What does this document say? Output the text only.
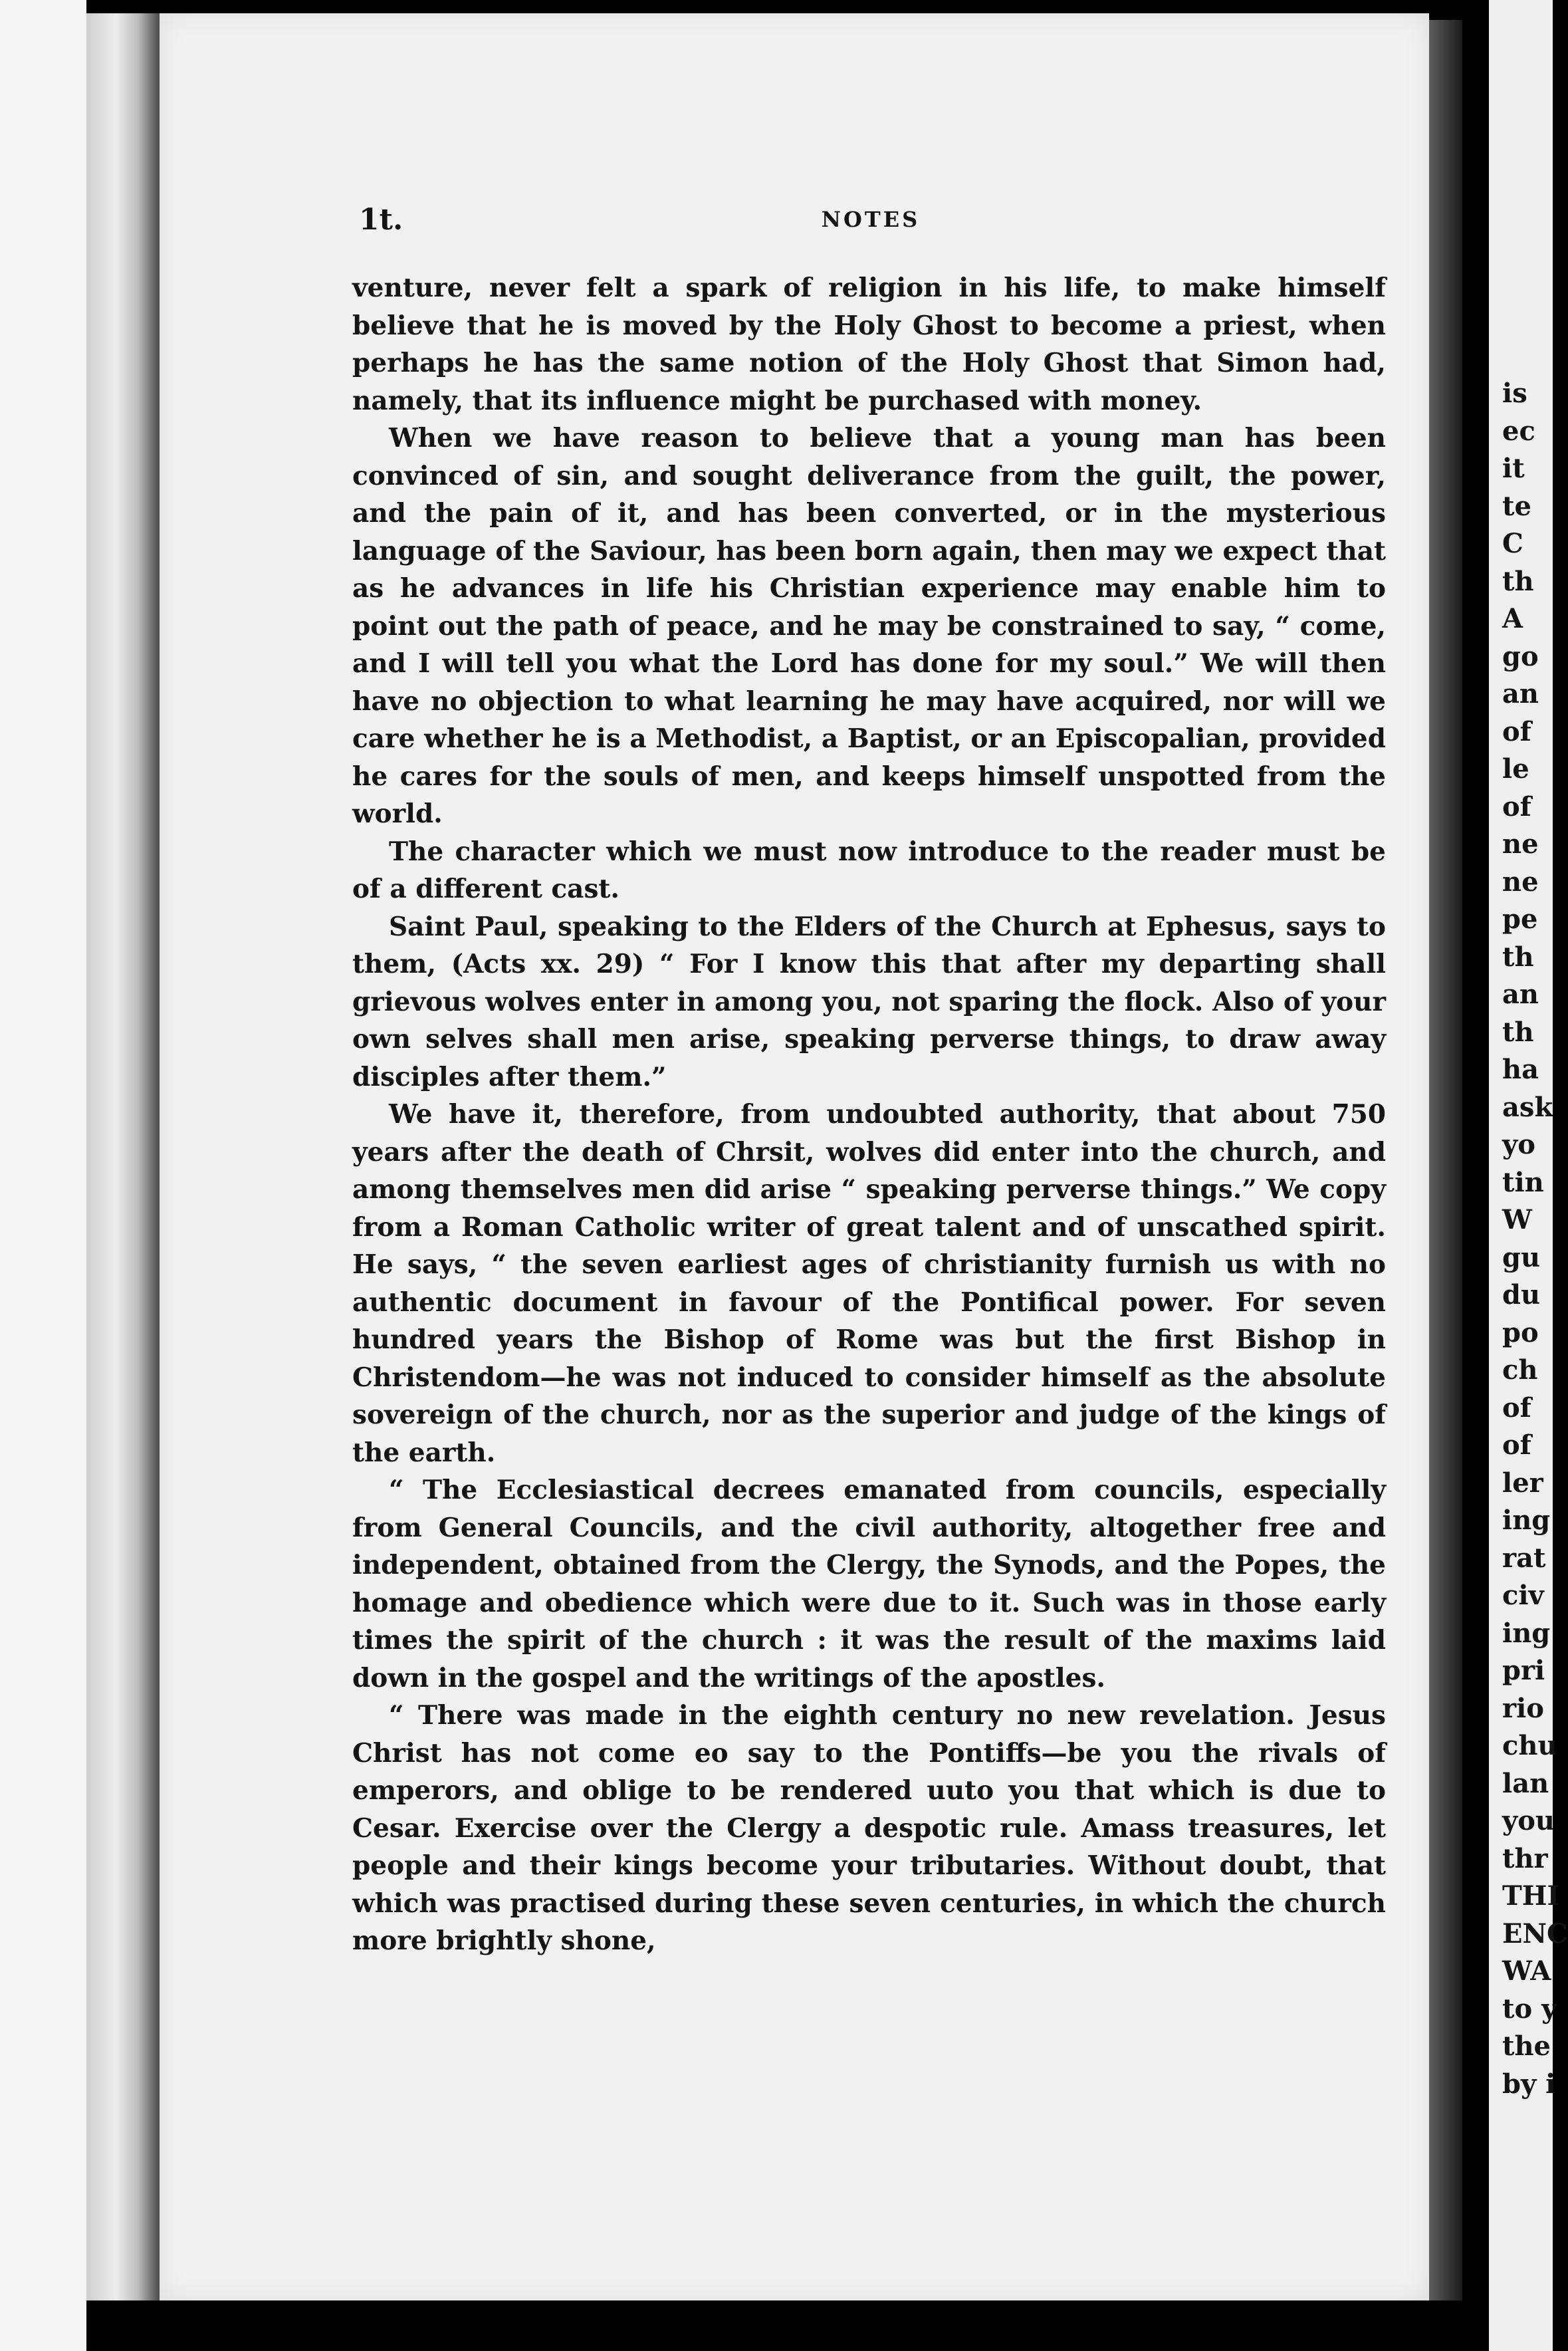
is
ec
it
te
C
th
A
go
an
of
le
of
ne
ne
pe
th
an
th
ha
ask
yo
tin
W
gu
du
po
ch
of
of
ler
ing
rat
civ
ing
pri
rio
chu
lan
you
thr
THI
ENC
WA
to y
the
by i
1t.	NOTES

venture, never felt a spark of religion in his life, to make himself believe that he is moved by the Holy Ghost to become a priest, when perhaps he has the same notion of the Holy Ghost that Simon had, namely, that its influence might be purchased with money.

When we have reason to believe that a young man has been convinced of sin, and sought deliverance from the guilt, the power, and the pain of it, and has been converted, or in the mysterious language of the Saviour, has been born again, then may we expect that as he advances in life his Christian experience may enable him to point out the path of peace, and he may be constrained to say, “ come, and I will tell you what the Lord has done for my soul.” We will then have no objection to what learning he may have acquired, nor will we care whether he is a Methodist, a Baptist, or an Episcopalian, provided he cares for the souls of men, and keeps himself unspotted from the world.

The character which we must now introduce to the reader must be of a different cast.

Saint Paul, speaking to the Elders of the Church at Ephesus, says to them, (Acts xx. 29) “ For I know this that after my departing shall grievous wolves enter in among you, not sparing the flock. Also of your own selves shall men arise, speaking perverse things, to draw away disciples after them.”

We have it, therefore, from undoubted authority, that about 750 years after the death of Chrsit, wolves did enter into the church, and among themselves men did arise “ speaking perverse things.” We copy from a Roman Catholic writer of great talent and of unscathed spirit. He says, “ the seven earliest ages of christianity furnish us with no authentic document in favour of the Pontifical power. For seven hundred years the Bishop of Rome was but the first Bishop in Christendom—he was not induced to consider himself as the absolute sovereign of the church, nor as the superior and judge of the kings of the earth.

“ The Ecclesiastical decrees emanated from councils, especially from General Councils, and the civil authority, altogether free and independent, obtained from the Clergy, the Synods, and the Popes, the homage and obedience which were due to it. Such was in those early times the spirit of the church : it was the result of the maxims laid down in the gospel and the writings of the apostles.

“ There was made in the eighth century no new revelation. Jesus Christ has not come eo say to the Pontiffs—be you the rivals of emperors, and oblige to be rendered uuto you that which is due to Cesar. Exercise over the Clergy a despotic rule. Amass treasures, let people and their kings become your tributaries. Without doubt, that which was practised during these seven centuries, in which the church more brightly shone,
